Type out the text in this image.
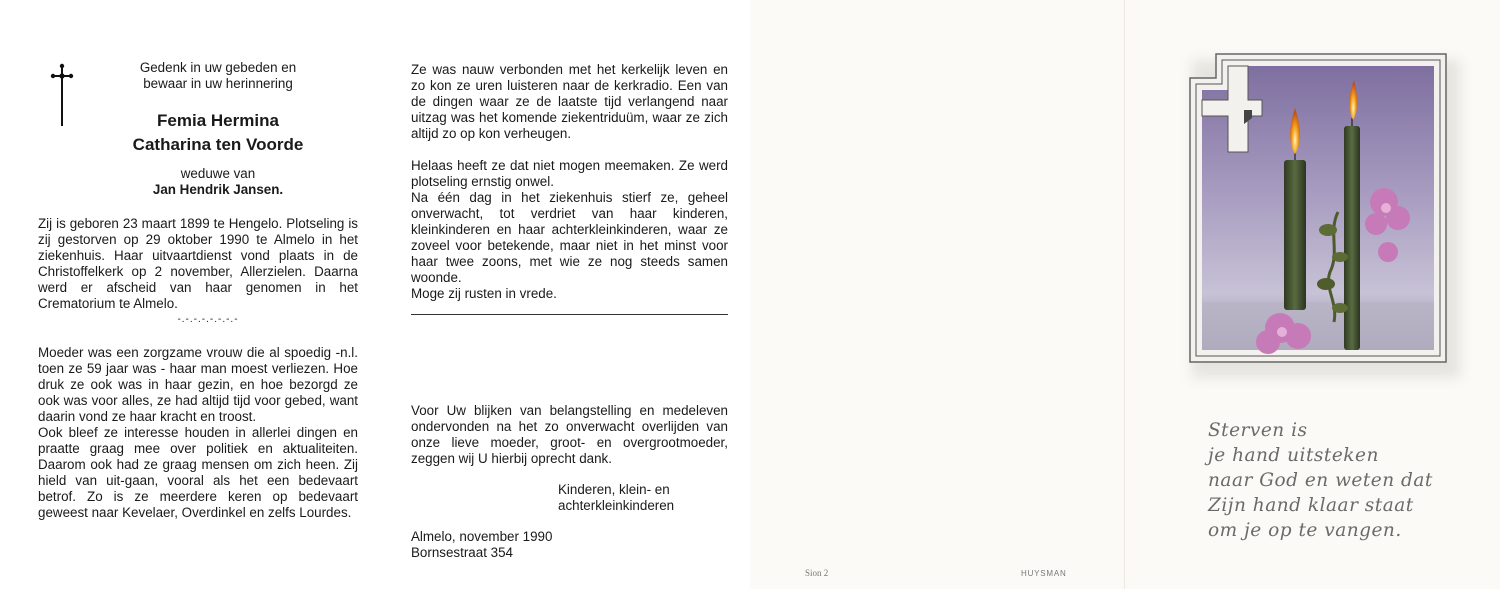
Gedenk in uw gebeden en
bewaar in uw herinnering
Femia Hermina
Catharina ten Voorde
weduwe van
Jan Hendrik Jansen.
Zij is geboren 23 maart 1899 te Hengelo. Plotseling is zij gestorven op 29 oktober 1990 te Almelo in het ziekenhuis. Haar uitvaartdienst vond plaats in de Christoffelkerk op 2 november, Allerzielen. Daarna werd er afscheid van haar genomen in het Crematorium te Almelo.
-.-.-.-.-.-.-.-
Moeder was een zorgzame vrouw die al spoedig -n.l. toen ze 59 jaar was - haar man moest verliezen. Hoe druk ze ook was in haar gezin, en hoe bezorgd ze ook was voor alles, ze had altijd tijd voor gebed, want daarin vond ze haar kracht en troost.
Ook bleef ze interesse houden in allerlei dingen en praatte graag mee over politiek en aktualiteiten. Daarom ook had ze graag mensen om zich heen. Zij hield van uit-gaan, vooral als het een bedevaart betrof. Zo is ze meerdere keren op bedevaart geweest naar Kevelaer, Overdinkel en zelfs Lourdes.
Ze was nauw verbonden met het kerkelijk leven en zo kon ze uren luisteren naar de kerkradio. Een van de dingen waar ze de laatste tijd verlangend naar uitzag was het komende ziekentriduüm, waar ze zich altijd zo op kon verheugen.
Helaas heeft ze dat niet mogen meemaken. Ze werd plotseling ernstig onwel.
Na één dag in het ziekenhuis stierf ze, geheel onverwacht, tot verdriet van haar kinderen, kleinkinderen en haar achterkleinkinderen, waar ze zoveel voor betekende, maar niet in het minst voor haar twee zoons, met wie ze nog steeds samen woonde.
Moge zij rusten in vrede.
Voor Uw blijken van belangstelling en medeleven ondervonden na het zo onverwacht overlijden van onze lieve moeder, groot- en overgrootmoeder, zeggen wij U hierbij oprecht dank.
Kinderen, klein- en
achterkleinkinderen
Almelo, november 1990
Bornsestraat 354
Sterven is
je hand uitsteken
naar God en weten dat
Zijn hand klaar staat
om je op te vangen.
Sion 2	HUYSMAN
